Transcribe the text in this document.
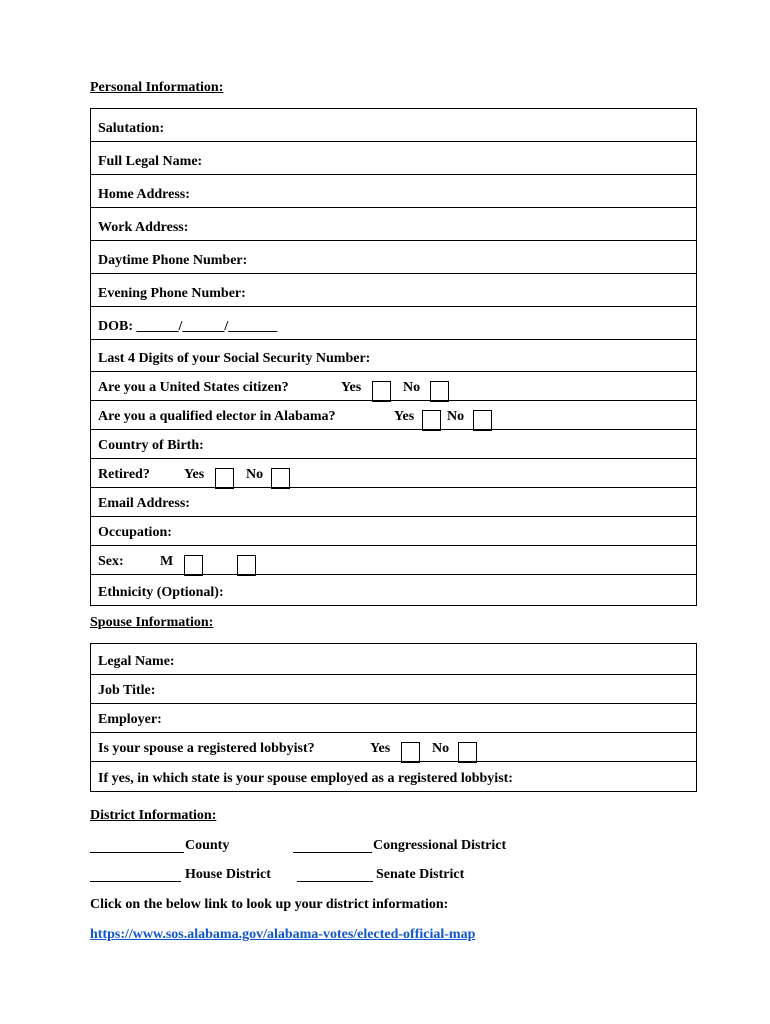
Personal Information:
Salutation:
Full Legal Name:
Home Address:
Work Address:
Daytime Phone Number:
Evening Phone Number:
DOB: ______/______/_______
Last 4 Digits of your Social Security Number:
Are you a United States citizen?	Yes	No
Are you a qualified elector in Alabama?	Yes No
Country of Birth:
Retired? Yes	No
Email Address:
Occupation:
Sex:	M
Ethnicity (Optional):
Spouse Information:
Legal Name:
Job Title:
Employer:
Is your spouse a registered lobbyist?	Yes	No
If yes, in which state is your spouse employed as a registered lobbyist:
District Information:
County	Congressional District
House District	Senate District
Click on the below link to look up your district information:
https://www.sos.alabama.gov/alabama-votes/elected-official-map
